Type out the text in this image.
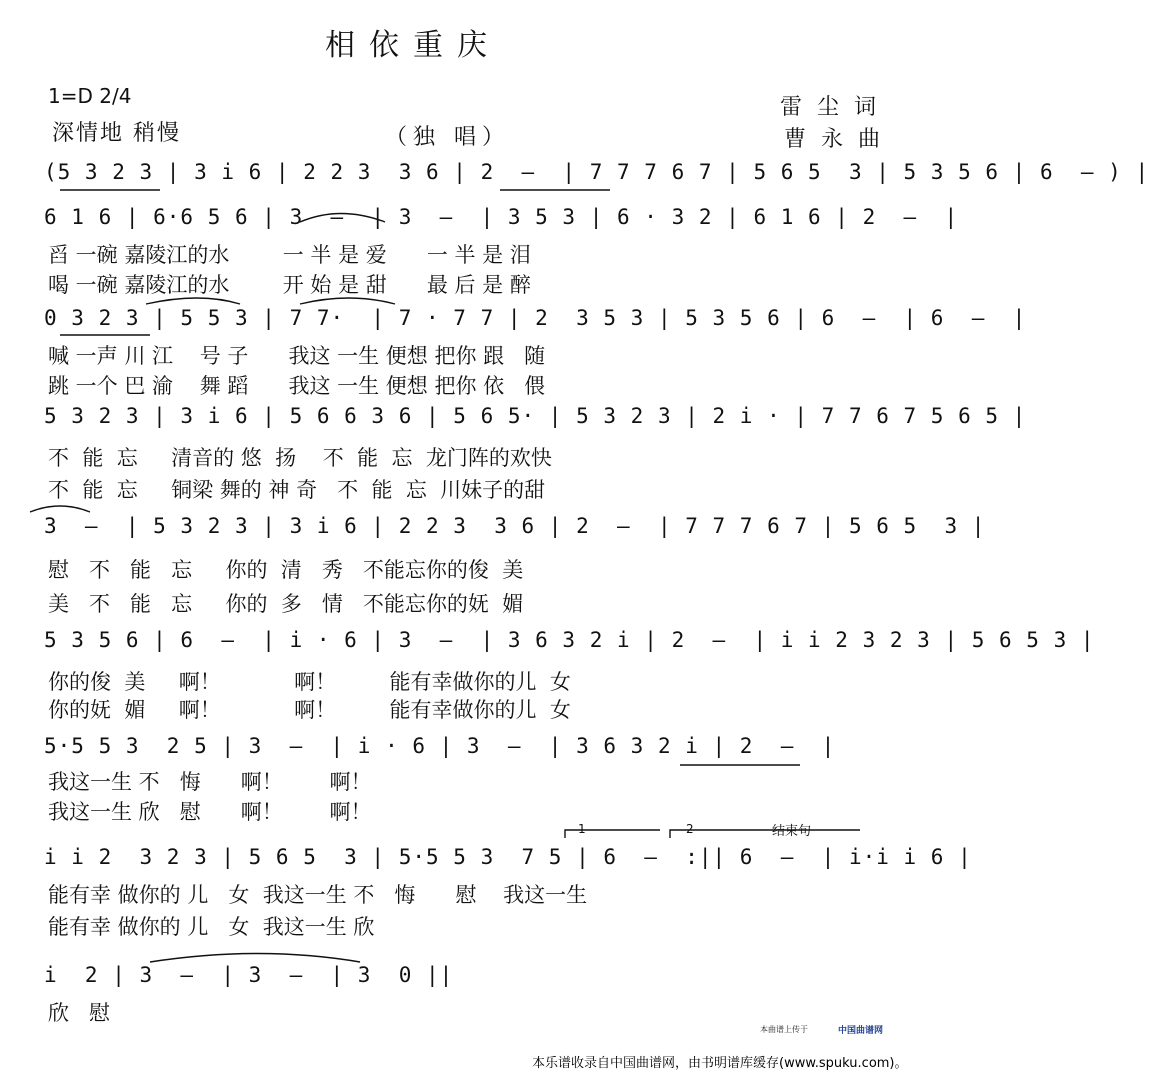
相依重庆
1=D 2/4
深情地 稍慢	（独 唱）
雷 尘 词
曹 永 曲
(5 3 2 3 | 3 i 6 | 2 2 3  3 6 | 2  —  | 7 7 7 6 7 | 5 6 5  3 | 5 3 5 6 | 6  — ) |
6 1 6 | 6·6 5 6 | 3  —  | 3  —  | 3 5 3 | 6 · 3 2 | 6 1 6 | 2  —  |
舀 一碗 嘉陵江的水        一 半 是 爱      一 半 是 泪
喝 一碗 嘉陵江的水        开 始 是 甜      最 后 是 醉
0 3 2 3 | 5 5 3 | 7 7·  | 7 · 7 7 | 2  3 5 3 | 5 3 5 6 | 6  —  | 6  —  |
喊 一声 川 江    号 子      我这 一生 便想 把你 跟   随
跳 一个 巴 渝    舞 蹈      我这 一生 便想 把你 依   偎
5 3 2 3 | 3 i 6 | 5 6 6 3 6 | 5 6 5· | 5 3 2 3 | 2 i · | 7 7 6 7 5 6 5 |
不  能  忘     清音的 悠  扬    不  能  忘  龙门阵的欢快
不  能  忘     铜梁 舞的 神 奇   不  能  忘  川妹子的甜
3  —  | 5 3 2 3 | 3 i 6 | 2 2 3  3 6 | 2  —  | 7 7 7 6 7 | 5 6 5  3 |
慰   不   能   忘     你的  清   秀   不能忘你的俊  美
美   不   能   忘     你的  多   情   不能忘你的妩  媚
5 3 5 6 | 6  —  | i · 6 | 3  —  | 3 6 3 2 i | 2  —  | i i 2 3 2 3 | 5 6 5 3 |
你的俊  美     啊！           啊！        能有幸做你的儿  女
你的妩  媚     啊！           啊！        能有幸做你的儿  女
5·5 5 3  2 5 | 3  —  | i · 6 | 3  —  | 3 6 3 2 i | 2  —  |
我这一生 不   悔      啊！       啊！
我这一生 欣   慰      啊！       啊！
1	2	结束句
i i 2  3 2 3 | 5 6 5  3 | 5·5 5 3  7 5 | 6  —  :|| 6  —  | i·i i 6 |
能有幸 做你的 儿   女  我这一生 不   悔      慰    我这一生
能有幸 做你的 儿   女  我这一生 欣
i  2 | 3  —  | 3  —  | 3  0 ||
欣   慰
本曲谱上传于	中国曲谱网
本乐谱收录自中国曲谱网，由书明谱库缓存(www.spuku.com)。
